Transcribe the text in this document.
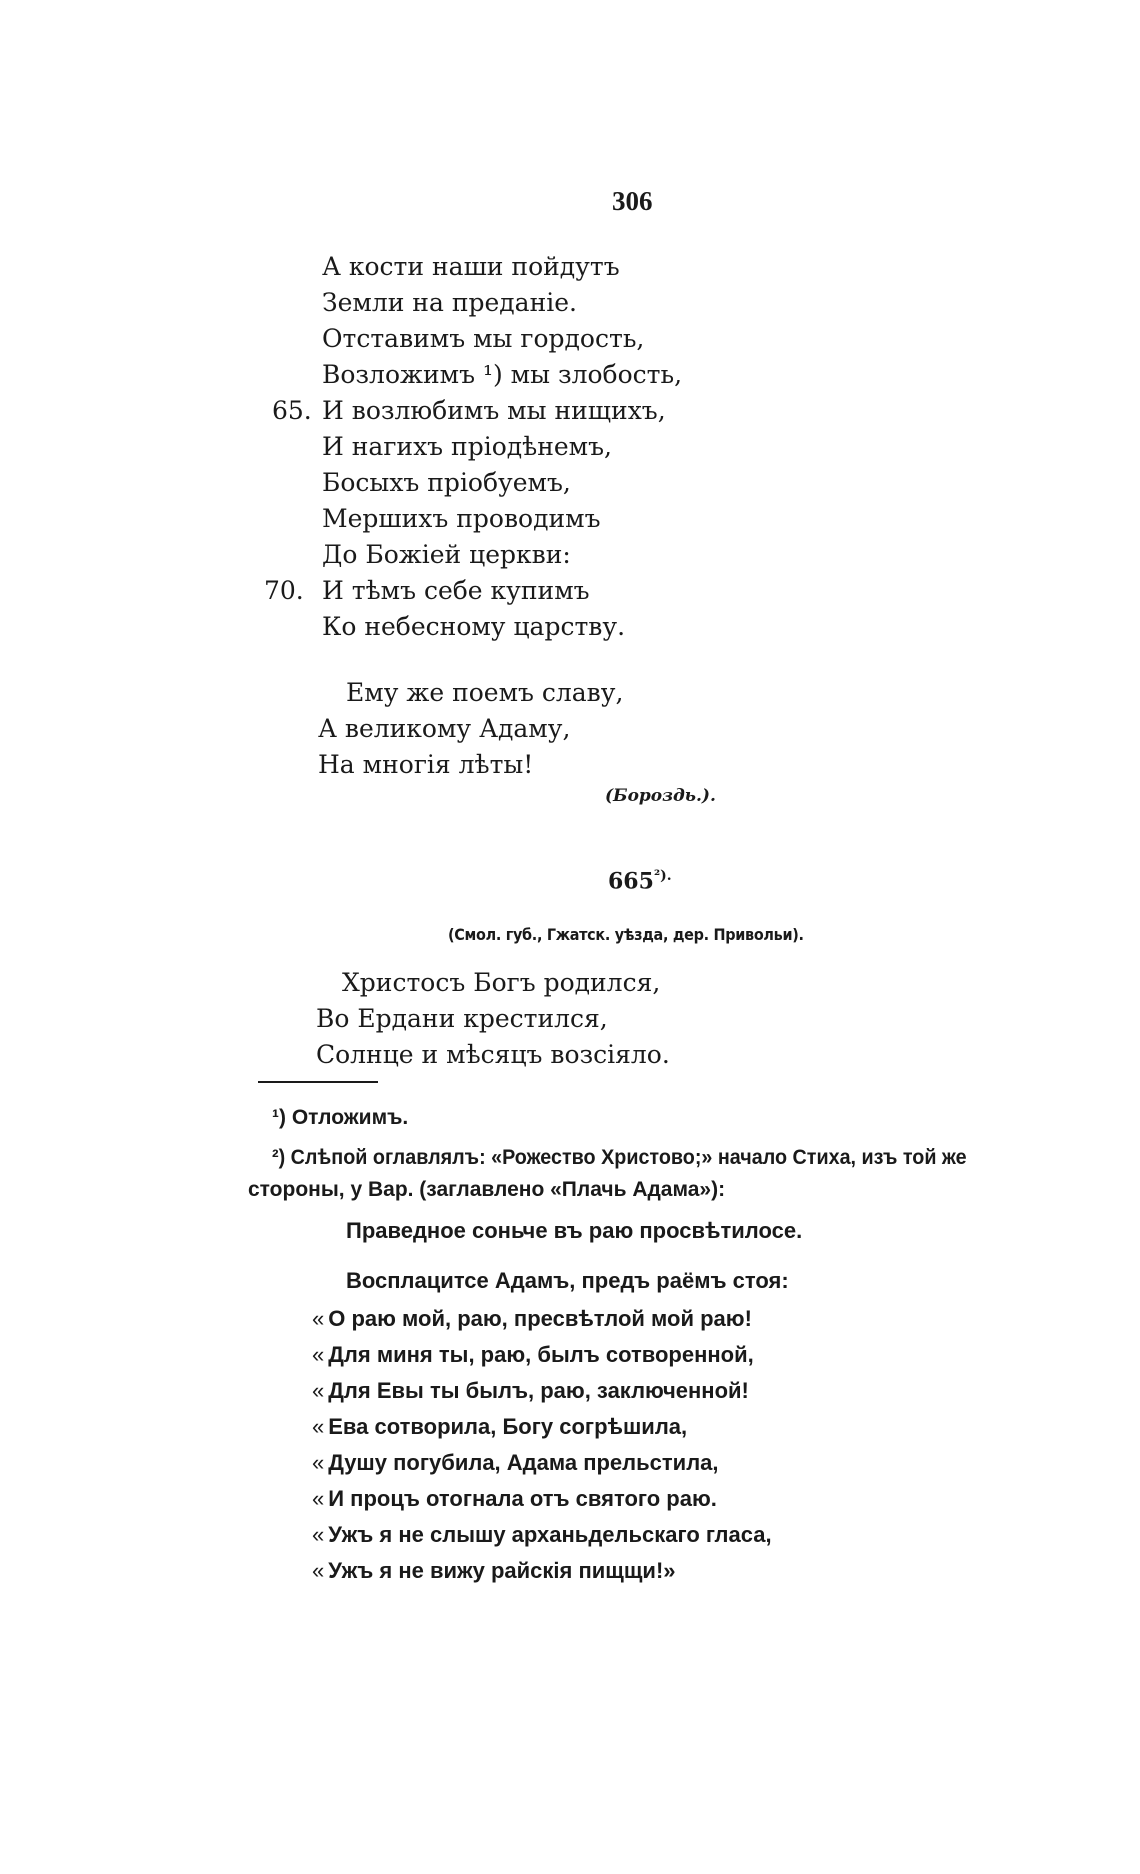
306
А кости наши пойдутъ
Земли на преданіе.
Отставимъ мы гордость,
Возложимъ ¹) мы злобость,
65. И возлюбимъ мы нищихъ,
И нагихъ пріодѣнемъ,
Босыхъ пріобуемъ,
Мершихъ проводимъ
До Божіей церкви:
70. И тѣмъ себе купимъ
Ко небесному царству.
Ему же поемъ славу,
А великому Адаму,
На многія лѣты!
(Бороздь.).
$665^{^2).}$
(Смол. губ., Гжатск. уѣзда, дер. Привольи).
Христосъ Богъ родился,
Во Ердани крестился,
Солнце и мѣсяцъ возсіяло.
¹) Отложимъ.
²) Слѣпой оглавлялъ: «Рожество Христово;» начало Стиха, изъ той же
стороны, у Вар. (заглавлено «Плачь Адама»):
Праведное соньче въ раю просвѣтилосе.
Восплацитсе Адамъ, предъ раёмъ стоя:
« О раю мой, раю, пресвѣтлой мой раю!
« Для миня ты, раю, былъ сотворенной,
« Для Евы ты былъ, раю, заключенной!
« Ева сотворила, Богу согрѣшила,
« Душу погубила, Адама прельстила,
« И процъ отогнала отъ святого раю.
« Ужъ я не слышу арханьдельскаго гласа,
« Ужъ я не вижу райскія пищщи!»
